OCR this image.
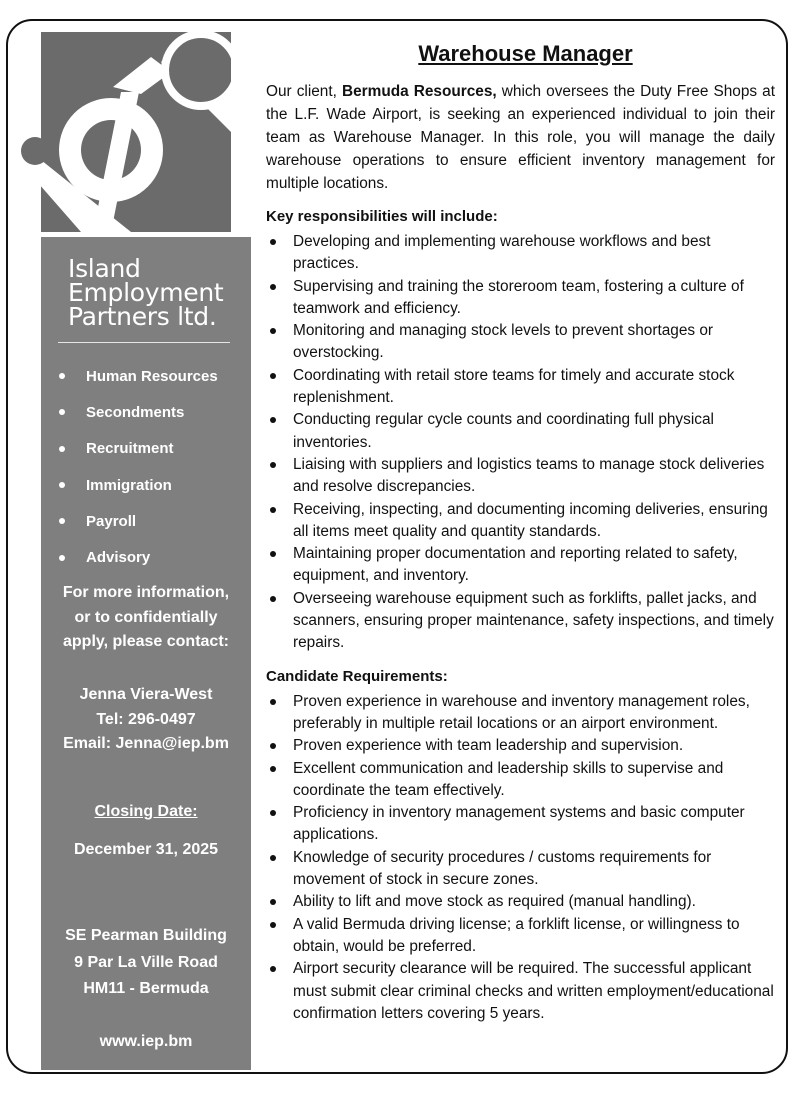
Island
Employment
Partners ltd.
Human Resources
Secondments
Recruitment
Immigration
Payroll
Advisory
For more information,
or to confidentially
apply, please contact:
Jenna Viera-West
Tel: 296-0497
Email: Jenna@iep.bm
Closing Date:
December 31, 2025
SE Pearman Building
9 Par La Ville Road
HM11 - Bermuda
www.iep.bm
Warehouse Manager

Our client, Bermuda Resources, which oversees the Duty Free Shops at the L.F. Wade Airport, is seeking an experienced individual to join their team as Warehouse Manager. In this role, you will manage the daily warehouse operations to ensure efficient inventory management for multiple locations.

Key responsibilities will include:
Developing and implementing warehouse workflows and best practices.
Supervising and training the storeroom team, fostering a culture of teamwork and efficiency.
Monitoring and managing stock levels to prevent shortages or overstocking.
Coordinating with retail store teams for timely and accurate stock replenishment.
Conducting regular cycle counts and coordinating full physical inventories.
Liaising with suppliers and logistics teams to manage stock deliveries and resolve discrepancies.
Receiving, inspecting, and documenting incoming deliveries, ensuring all items meet quality and quantity standards.
Maintaining proper documentation and reporting related to safety, equipment, and inventory.
Overseeing warehouse equipment such as forklifts, pallet jacks, and scanners, ensuring proper maintenance, safety inspections, and timely repairs.
Candidate Requirements:
Proven experience in warehouse and inventory management roles, preferably in multiple retail locations or an airport environment.
Proven experience with team leadership and supervision.
Excellent communication and leadership skills to supervise and coordinate the team effectively.
Proficiency in inventory management systems and basic computer applications.
Knowledge of security procedures / customs requirements for movement of stock in secure zones.
Ability to lift and move stock as required (manual handling).
A valid Bermuda driving license; a forklift license, or willingness to obtain, would be preferred.
Airport security clearance will be required. The successful applicant must submit clear criminal checks and written employment/educational confirmation letters covering 5 years.
